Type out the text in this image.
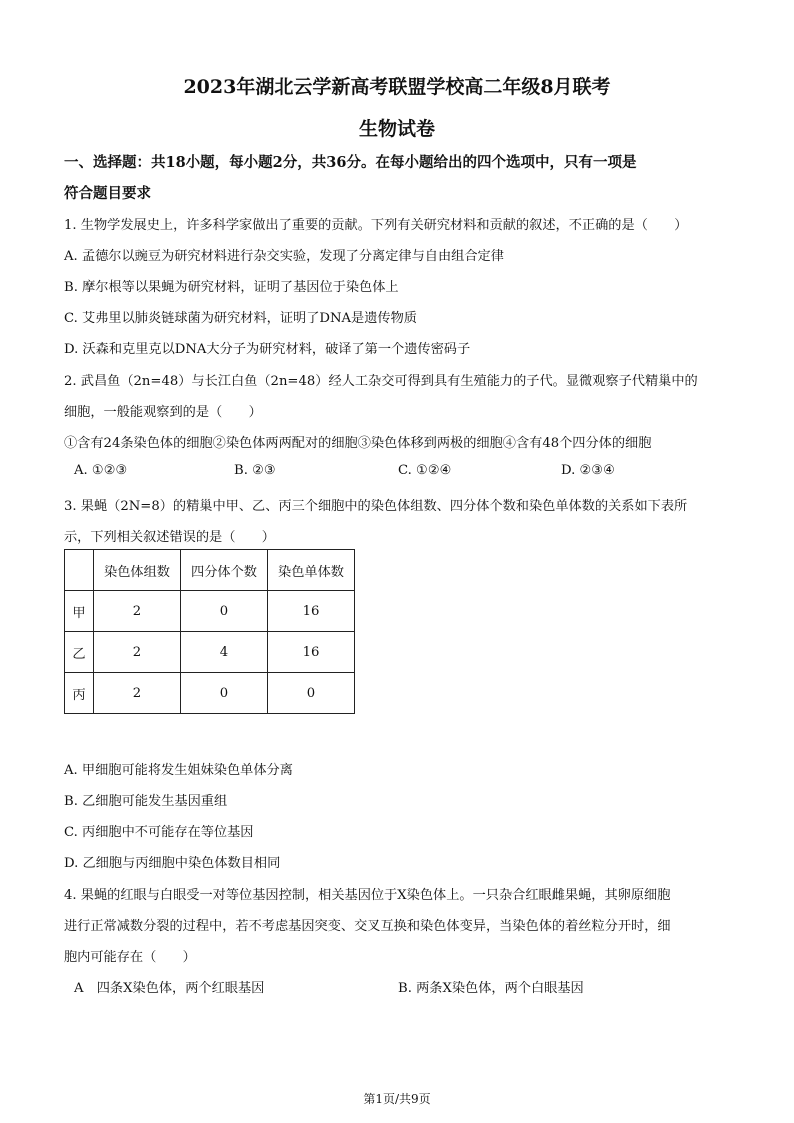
2023年湖北云学新高考联盟学校高二年级8月联考
生物试卷
一、选择题：共18小题，每小题2分，共36分。在每小题给出的四个选项中，只有一项是
符合题目要求
1. 生物学发展史上，许多科学家做出了重要的贡献。下列有关研究材料和贡献的叙述，不正确的是（　　）
A. 孟德尔以豌豆为研究材料进行杂交实验，发现了分离定律与自由组合定律
B. 摩尔根等以果蝇为研究材料，证明了基因位于染色体上
C. 艾弗里以肺炎链球菌为研究材料，证明了DNA是遗传物质
D. 沃森和克里克以DNA大分子为研究材料，破译了第一个遗传密码子
2. 武昌鱼（2n=48）与长江白鱼（2n=48）经人工杂交可得到具有生殖能力的子代。显微观察子代精巢中的
细胞，一般能观察到的是（　　）
①含有24条染色体的细胞②染色体两两配对的细胞③染色体移到两极的细胞④含有48个四分体的细胞
A. ①②③	B. ②③	C. ①②④	D. ②③④
3. 果蝇（2N=8）的精巢中甲、乙、丙三个细胞中的染色体组数、四分体个数和染色单体数的关系如下表所
示，下列相关叙述错误的是（　　）
	染色体组数	四分体个数	染色单体数
甲	2	0	16
乙	2	4	16
丙	2	0	0
A. 甲细胞可能将发生姐妹染色单体分离
B. 乙细胞可能发生基因重组
C. 丙细胞中不可能存在等位基因
D. 乙细胞与丙细胞中染色体数目相同
4. 果蝇的红眼与白眼受一对等位基因控制，相关基因位于X染色体上。一只杂合红眼雌果蝇，其卵原细胞
进行正常减数分裂的过程中，若不考虑基因突变、交叉互换和染色体变异，当染色体的着丝粒分开时，细
胞内可能存在（　　）
A　四条X染色体，两个红眼基因	B. 两条X染色体，两个白眼基因
第1页/共9页
